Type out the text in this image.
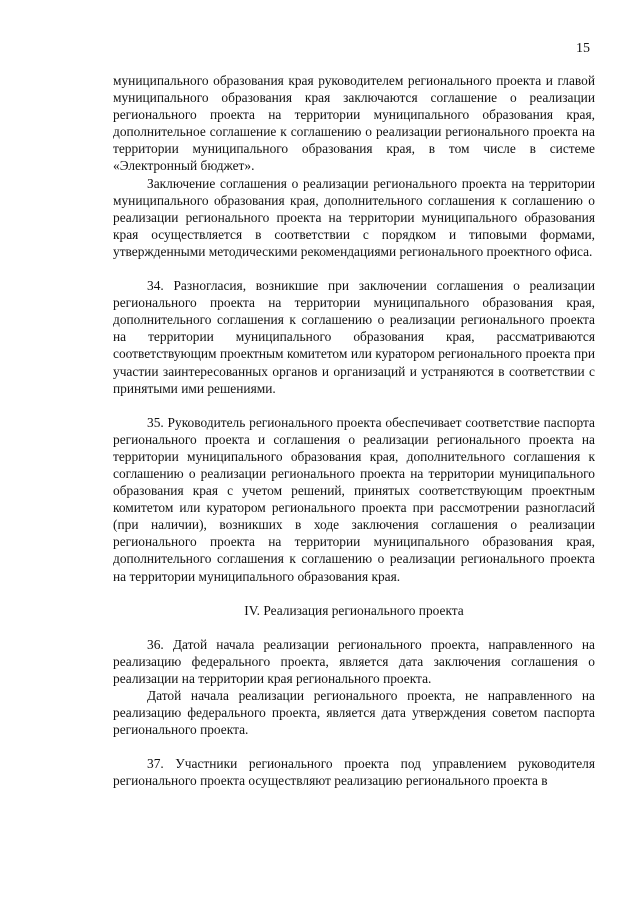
15

муниципального образования края руководителем регионального проекта и главой муниципального образования края заключаются соглашение о реализации регионального проекта на территории муниципального образования края, дополнительное соглашение к соглашению о реализации регионального проекта на территории муниципального образования края, в том числе в системе «Электронный бюджет».

Заключение соглашения о реализации регионального проекта на территории муниципального образования края, дополнительного соглашения к соглашению о реализации регионального проекта на территории муниципального образования края осуществляется в соответствии с порядком и типовыми формами, утвержденными методическими рекомендациями регионального проектного офиса.

34. Разногласия, возникшие при заключении соглашения о реализации регионального проекта на территории муниципального образования края, дополнительного соглашения к соглашению о реализации регионального проекта на территории муниципального образования края, рассматриваются соответствующим проектным комитетом или куратором регионального проекта при участии заинтересованных органов и организаций и устраняются в соответствии с принятыми ими решениями.

35. Руководитель регионального проекта обеспечивает соответствие паспорта регионального проекта и соглашения о реализации регионального проекта на территории муниципального образования края, дополнительного соглашения к соглашению о реализации регионального проекта на территории муниципального образования края с учетом решений, принятых соответствующим проектным комитетом или куратором регионального проекта при рассмотрении разногласий (при наличии), возникших в ходе заключения соглашения о реализации регионального проекта на территории муниципального образования края, дополнительного соглашения к соглашению о реализации регионального проекта на территории муниципального образования края.

IV. Реализация регионального проекта

36. Датой начала реализации регионального проекта, направленного на реализацию федерального проекта, является дата заключения соглашения о реализации на территории края регионального проекта.

Датой начала реализации регионального проекта, не направленного на реализацию федерального проекта, является дата утверждения советом паспорта регионального проекта.

37. Участники регионального проекта под управлением руководителя регионального проекта осуществляют реализацию регионального проекта в
